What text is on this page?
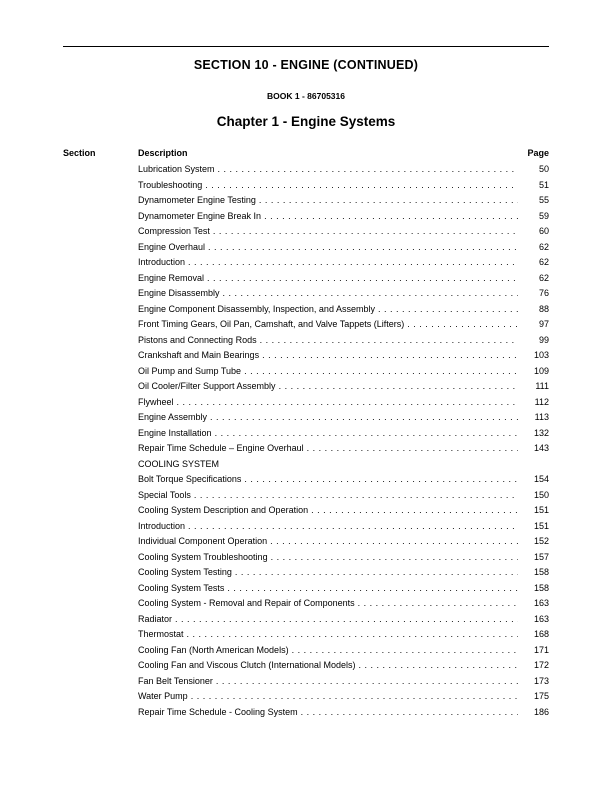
SECTION 10 - ENGINE (CONTINUED)
BOOK 1 - 86705316
Chapter 1 - Engine Systems
Section	Description	Page
Lubrication System . . .	50
Troubleshooting . . .	51
Dynamometer Engine Testing . . .	55
Dynamometer Engine Break In . . .	59
Compression Test . . .	60
Engine Overhaul . . .	62
Introduction . . .	62
Engine Removal . . .	62
Engine Disassembly . . .	76
Engine Component Disassembly, Inspection, and Assembly . . .	88
Front Timing Gears, Oil Pan, Camshaft, and Valve Tappets (Lifters) . . .	97
Pistons and Connecting Rods . . .	99
Crankshaft and Main Bearings . . .	103
Oil Pump and Sump Tube . . .	109
Oil Cooler/Filter Support Assembly . . .	111
Flywheel . . .	112
Engine Assembly . . .	113
Engine Installation . . .	132
Repair Time Schedule – Engine Overhaul . . .	143
COOLING SYSTEM
Bolt Torque Specifications . . .	154
Special Tools . . .	150
Cooling System Description and Operation . . .	151
Introduction . . .	151
Individual Component Operation . . .	152
Cooling System Troubleshooting . . .	157
Cooling System Testing . . .	158
Cooling System Tests . . .	158
Cooling System - Removal and Repair of Components . . .	163
Radiator . . .	163
Thermostat . . .	168
Cooling Fan (North American Models) . . .	171
Cooling Fan and Viscous Clutch (International Models) . . .	172
Fan Belt Tensioner . . .	173
Water Pump . . .	175
Repair Time Schedule - Cooling System . . .	186
